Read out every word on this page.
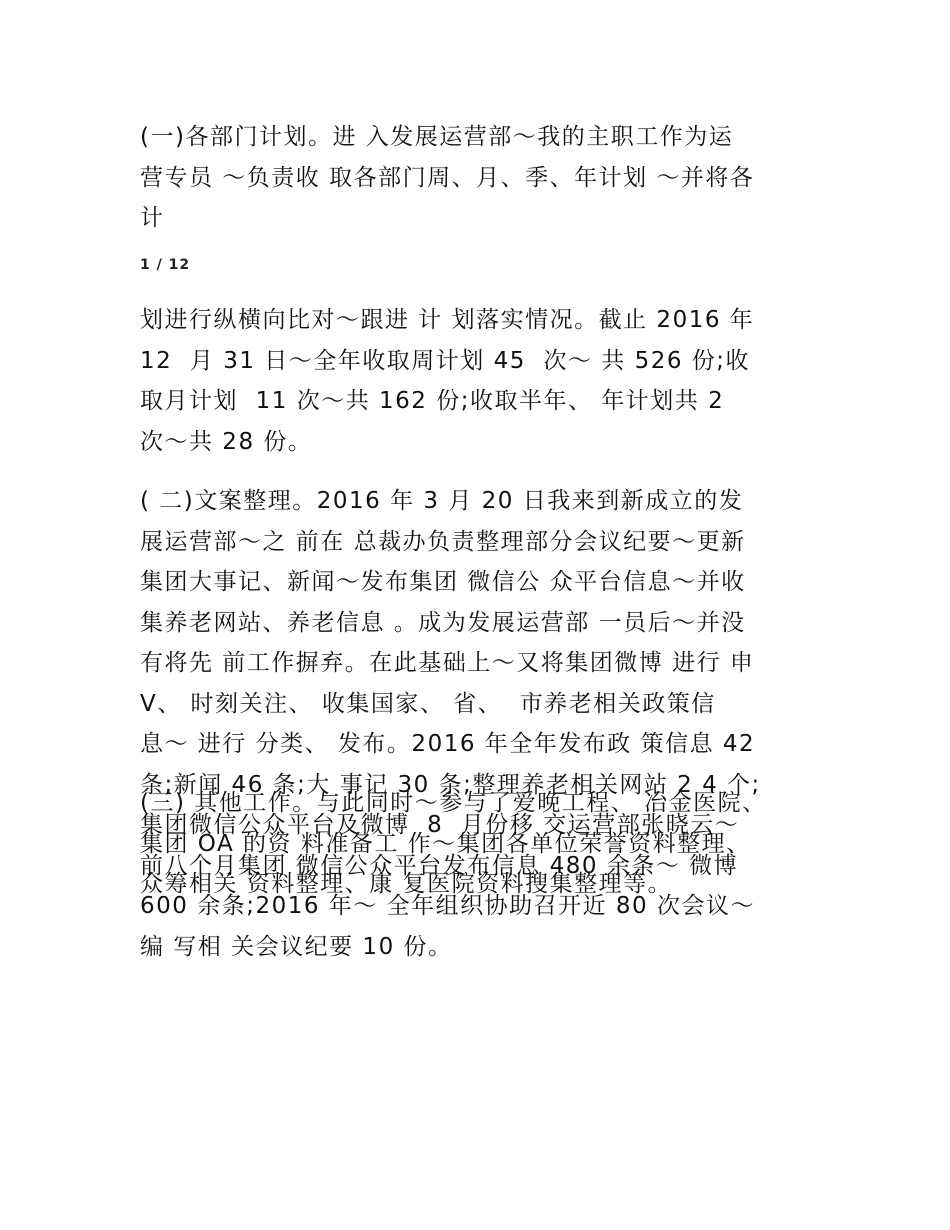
(一)各部门计划。进 入发展运营部～我的主职工作为运
营专员 ～负责收 取各部门周、月、季、年计划 ～并将各
计

1 / 12

划进行纵横向比对～跟进 计 划落实情况。截止 2016 年
12  月 31 日～全年收取周计划 45  次～ 共 526 份;收
取月计划  11 次～共 162 份;收取半年、 年计划共 2
次～共 28 份。

( 二)文案整理。2016 年 3 月 20 日我来到新成立的发
展运营部～之 前在 总裁办负责整理部分会议纪要～更新
集团大事记、新闻～发布集团 微信公 众平台信息～并收
集养老网站、养老信息 。成为发展运营部 一员后～并没
有将先 前工作摒弃。在此基础上～又将集团微博 进行 申
V、 时刻关注、 收集国家、 省、  市养老相关政策信
息～ 进行 分类、 发布。2016 年全年发布政 策信息 42
条;新闻 46 条;大 事记 30 条;整理养老相关网站 2 4 个;
集团微信公众平台及微博  8  月份移 交运营部张晓云～
前八个月集团 微信公众平台发布信息 480 余条～ 微博
600 余条;2016 年～ 全年组织协助召开近 80 次会议～
编 写相 关会议纪要 10 份。

(三) 其他工作。与此同时～参与了爱晚工程、 冶金医院、
集团 OA 的资 料准备工 作～集团各单位荣誉资料整理、
众筹相关 资料整理、康 复医院资料搜集整理等。
